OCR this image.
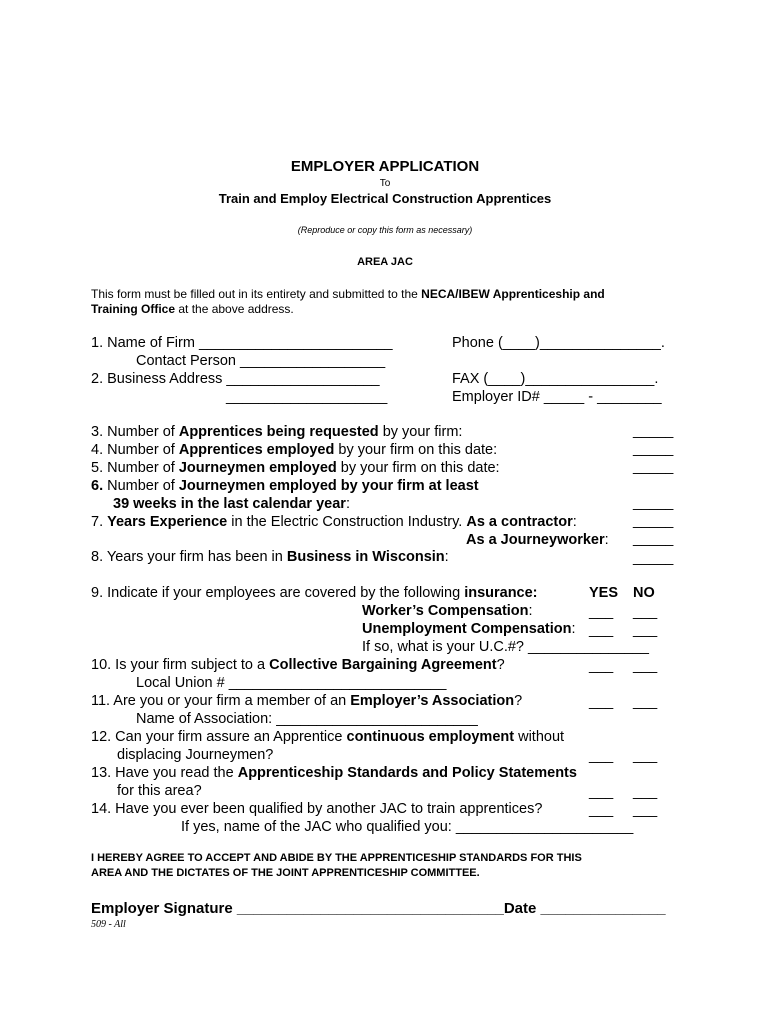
EMPLOYER APPLICATION
To
Train and Employ Electrical Construction Apprentices
(Reproduce or copy this form as necessary)
AREA JAC
This form must be filled out in its entirety and submitted to the NECA/IBEW Apprenticeship and
Training Office at the above address.
1. Name of Firm ________________________
Contact Person __________________
2. Business Address ___________________
____________________
Phone (____)_______________.
FAX (____)________________.
Employer ID# _____ - ________
3. Number of Apprentices being requested by your firm:
4. Number of Apprentices employed by your firm on this date:
5. Number of Journeymen employed by your firm on this date:
6. Number of Journeymen employed by your firm at least
39 weeks in the last calendar year:
7. Years Experience in the Electric Construction Industry. As a contractor:
As a Journeyworker:
8. Years your firm has been in Business in Wisconsin:
_____
_____
_____
_____
_____
_____
_____
9. Indicate if your employees are covered by the following insurance:	YES NO
Worker’s Compensation:
Unemployment Compensation:
If so, what is your U.C.#? _______________
10. Is your firm subject to a Collective Bargaining Agreement?
Local Union # ___________________________
11. Are you or your firm a member of an Employer’s Association?
Name of Association: _________________________
12. Can your firm assure an Apprentice continuous employment without
displacing Journeymen?
13. Have you read the Apprenticeship Standards and Policy Statements
for this area?
14. Have you ever been qualified by another JAC to train apprentices?
If yes, name of the JAC who qualified you: ______________________
___ ___
___ ___
___ ___
___ ___
___ ___
___ ___
___ ___
I HEREBY AGREE TO ACCEPT AND ABIDE BY THE APPRENTICESHIP STANDARDS FOR THIS
AREA AND THE DICTATES OF THE JOINT APPRENTICESHIP COMMITTEE.
Employer Signature ________________________________Date _______________
509 - All
